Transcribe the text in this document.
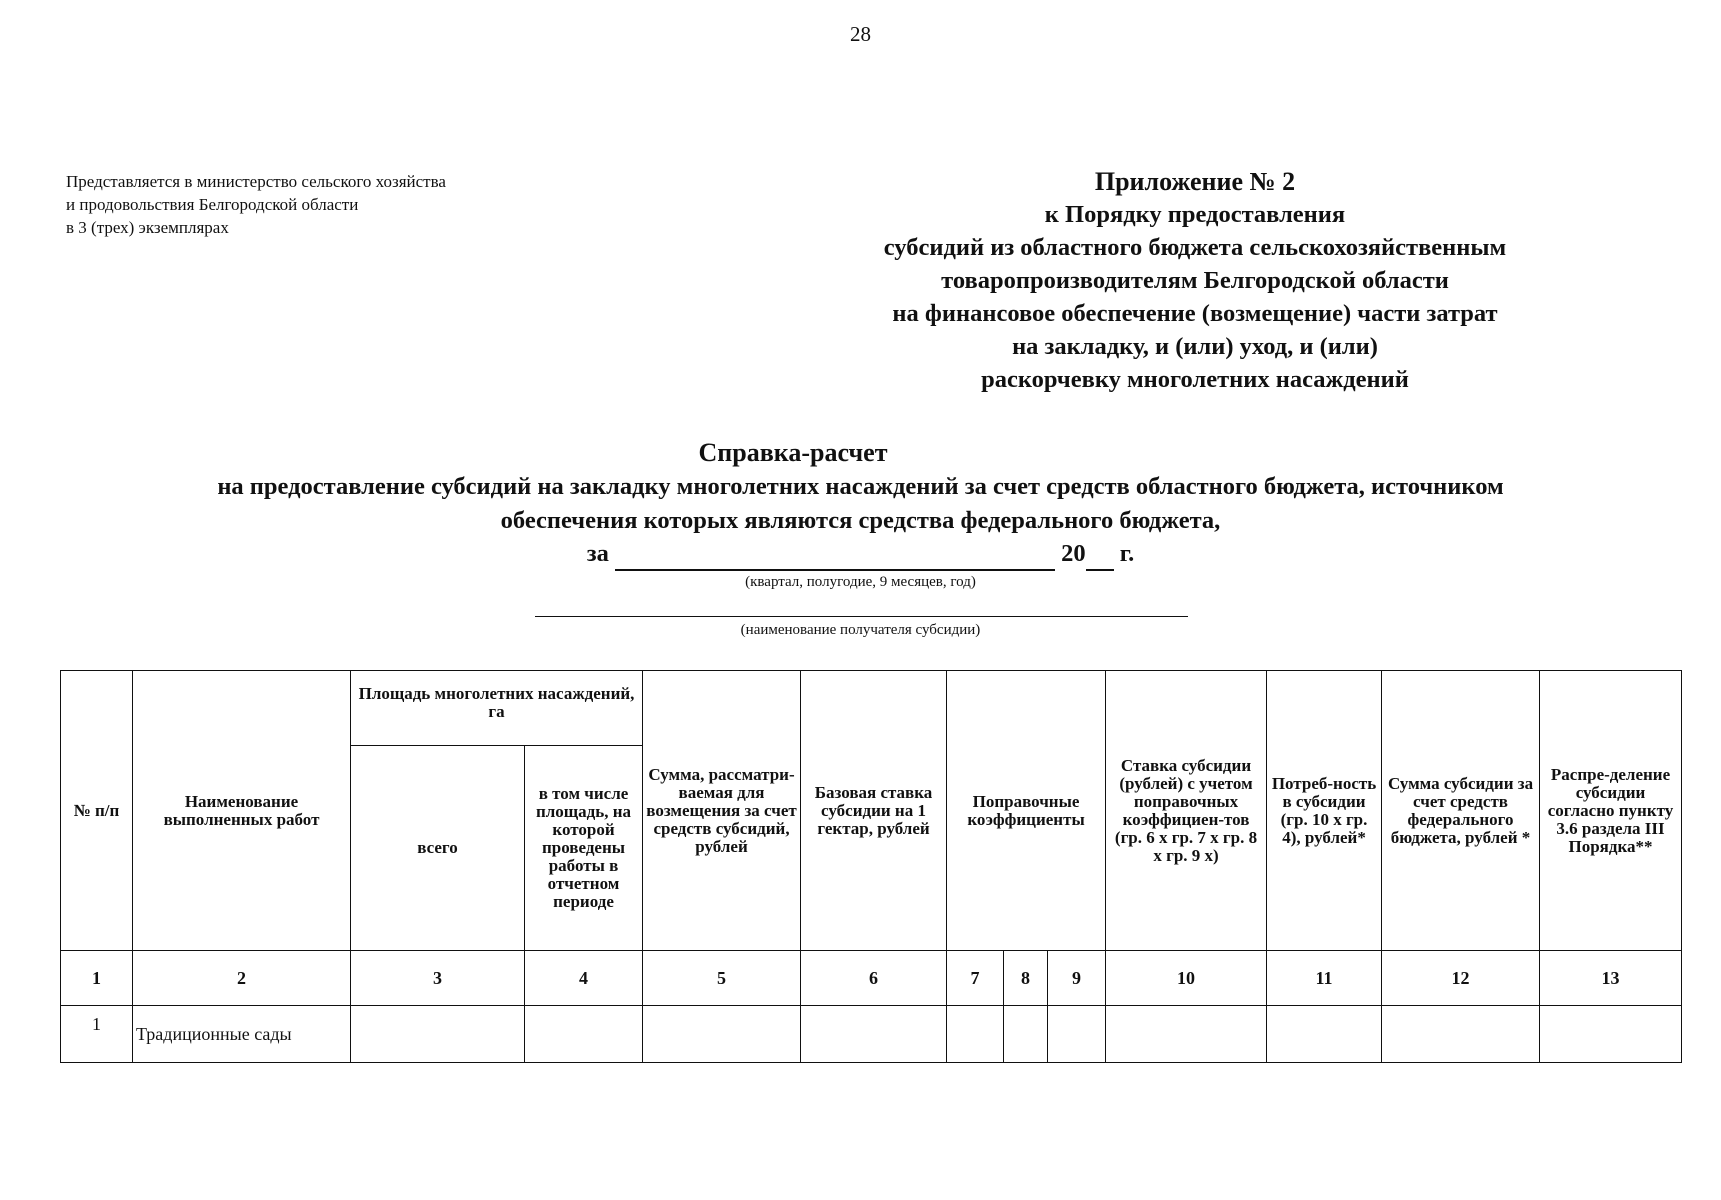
28
Представляется в министерство сельского хозяйства
и продовольствия Белгородской области
в 3 (трех) экземплярах
Приложение № 2
к Порядку предоставления
субсидий из областного бюджета сельскохозяйственным
товаропроизводителям Белгородской области
на финансовое обеспечение (возмещение) части затрат
на закладку, и (или) уход, и (или)
раскорчевку многолетних насаждений
Справка-расчет
на предоставление субсидий на закладку многолетних насаждений за счет средств областного бюджета, источником
обеспечения которых являются средства федерального бюджета,
за	20 г.
(квартал, полугодие, 9 месяцев, год)
(наименование получателя субсидии)
№ п/п	Наименование выполненных работ	Площадь многолетних насаждений, га		Сумма, рассматри-ваемая для возмещения за счет средств субсидий, рублей	Базовая ставка субсидии на 1 гектар, рублей	Поправочные коэффициенты			Ставка субсидии (рублей) с учетом поправочных коэффициен-тов (гр. 6 х гр. 7 х гр. 8 х гр. 9 х)	Потреб-ность в субсидии (гр. 10 х гр. 4), рублей*	Сумма субсидии за счет средств федерального бюджета, рублей *	Распре-деление субсидии согласно пункту 3.6 раздела III Порядка**
		всего	в том числе площадь, на которой проведены работы в отчетном периоде									
1	2	3	4	5	6	7	8	9	10	11	12	13
1	Традиционные сады											
